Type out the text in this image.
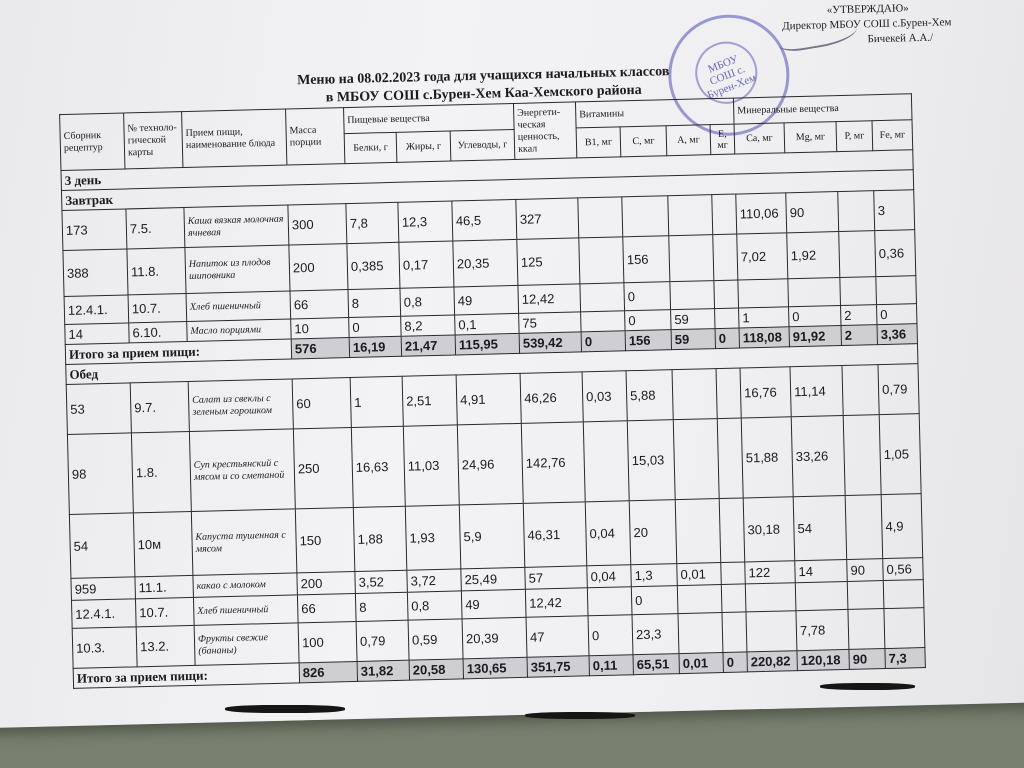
МБОУ СОШ с. Бурен-Хем
«УТВЕРЖДАЮ»
Директор МБОУ СОШ с.Бурен-Хем
Бичекей А.А./
Меню на 08.02.2023 года для учащихся начальных классов
в МБОУ СОШ с.Бурен-Хем Каа-Хемского района
Сборник рецептур	№ техноло-гической карты	Прием пищи, наименование блюда	Масса порции	Пищевые вещества			Энергети-ческая ценность, ккал	Витамины				Минеральные вещества			
				Белки, г	Жиры, г	Углеводы, г		В1, мг	С, мг	А, мг	Е, мг	Са, мг	Mg, мг	Р, мг	Fe, мг
3 день															
Завтрак															
173	7.5.	Каша вязкая молочная ячневая	300	7,8	12,3	46,5	327					110,06	90		3
388	11.8.	Напиток из плодов шиповника	200	0,385	0,17	20,35	125		156			7,02	1,92		0,36
12.4.1.	10.7.	Хлеб пшеничный	66	8	0,8	49	12,42		0						
14	6.10.	Масло порциями	10	0	8,2	0,1	75		0	59		1	0	2	0
Итого за прием пищи:			576	16,19	21,47	115,95	539,42	0	156	59	0	118,08	91,92	2	3,36
Обед															
53	9.7.	Салат из свеклы с зеленым горошком	60	1	2,51	4,91	46,26	0,03	5,88			16,76	11,14		0,79
98	1.8.	Суп крестьянский с мясом и со сметаной	250	16,63	11,03	24,96	142,76		15,03			51,88	33,26		1,05
54	10м	Капуста тушенная с мясом	150	1,88	1,93	5,9	46,31	0,04	20			30,18	54		4,9
959	11.1.	какао с молоком	200	3,52	3,72	25,49	57	0,04	1,3	0,01		122	14	90	0,56
12.4.1.	10.7.	Хлеб пшеничный	66	8	0,8	49	12,42		0						
10.3.	13.2.	Фрукты свежие (бананы)	100	0,79	0,59	20,39	47	0	23,3				7,78		
Итого за прием пищи:			826	31,82	20,58	130,65	351,75	0,11	65,51	0,01	0	220,82	120,18	90	7,3
